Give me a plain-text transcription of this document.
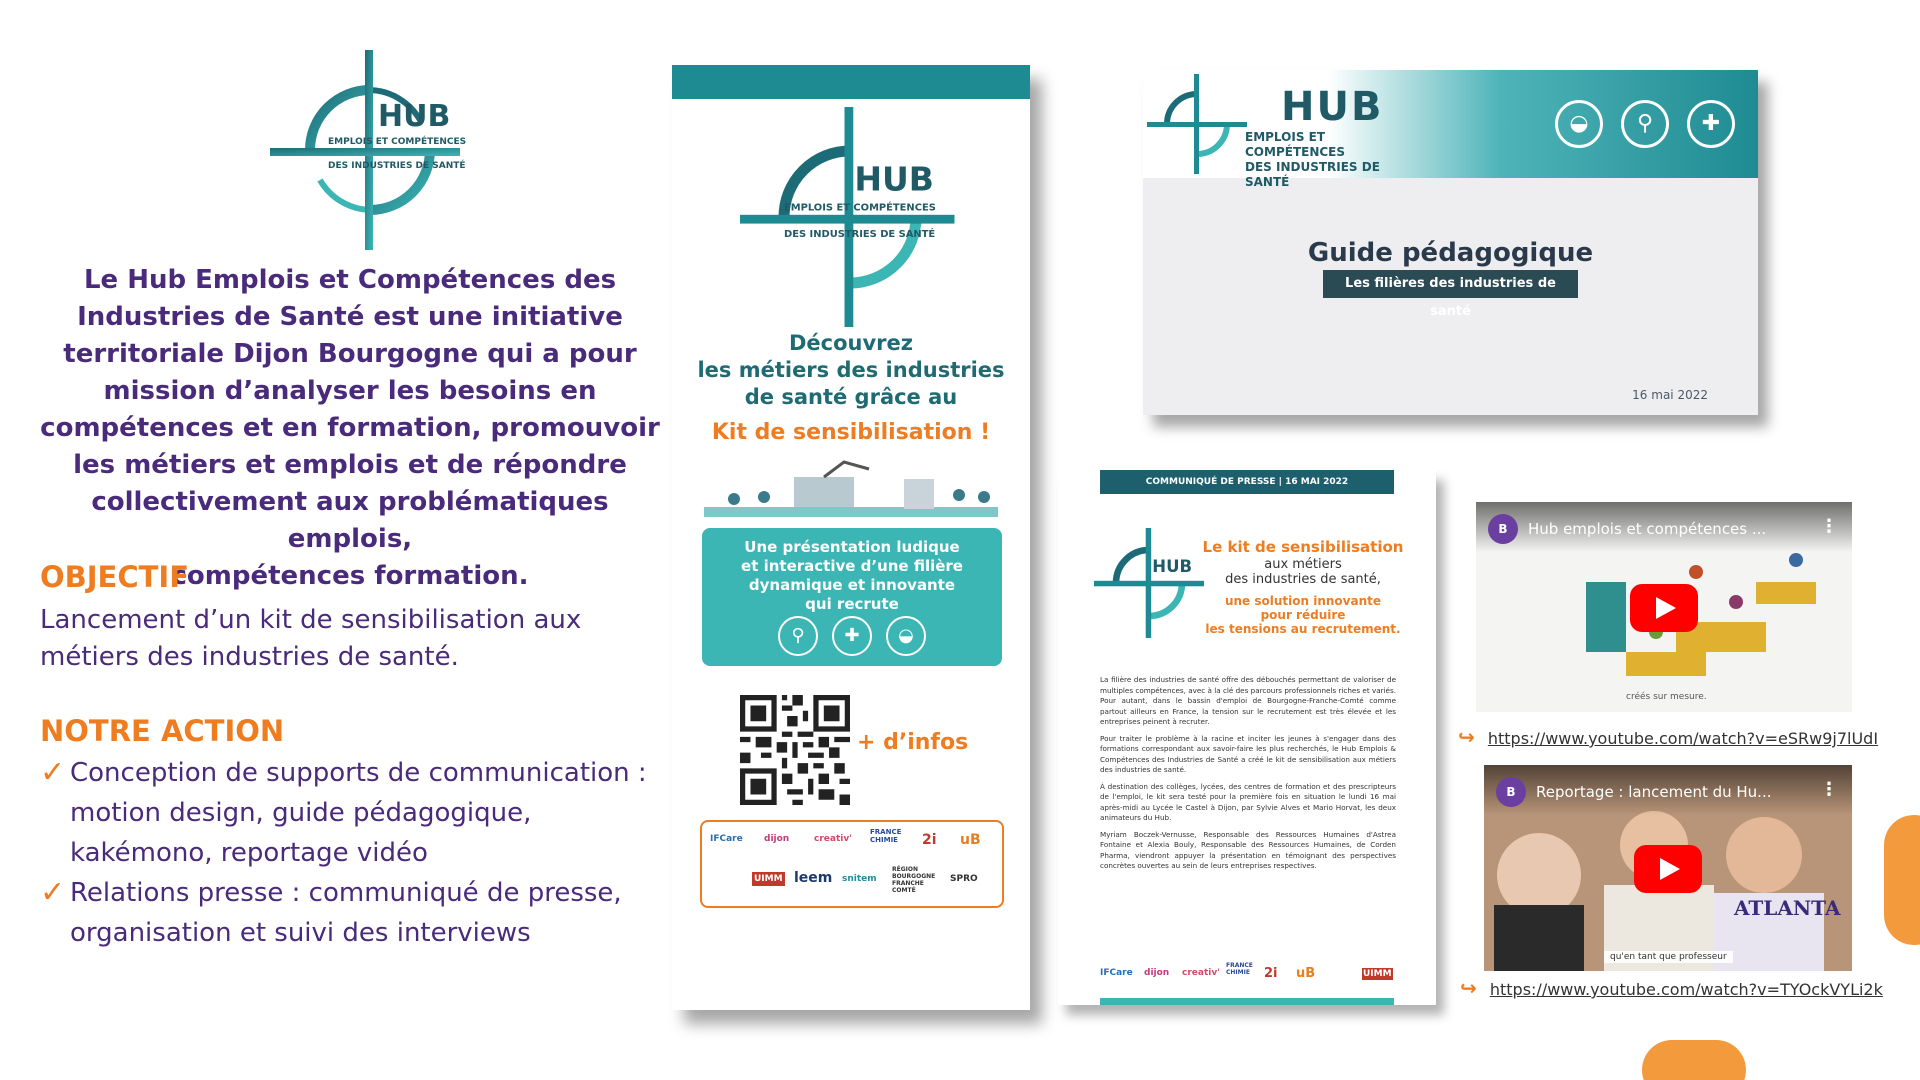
HUB
EMPLOIS ET COMPÉTENCES
DES INDUSTRIES DE SANTÉ
Le Hub Emplois et Compétences des
Industries de Santé est une initiative
territoriale Dijon Bourgogne qui a pour
mission d’analyser les besoins en
compétences et en formation, promouvoir
les métiers et emplois et de répondre
collectivement aux problématiques emplois,
compétences formation.
OBJECTIF
Lancement d’un kit de sensibilisation aux
métiers des industries de santé.
NOTRE ACTION
✓ Conception de supports de communication :
motion design, guide pédagogique,
kakémono, reportage vidéo
✓ Relations presse : communiqué de presse,
organisation et suivi des interviews
HUB
EMPLOIS ET COMPÉTENCES
DES INDUSTRIES DE SANTÉ
Découvrez
les métiers des industries
de santé grâce au
Kit de sensibilisation !
Une présentation ludique
et interactive d’une filière
dynamique et innovante
qui recrute
⚲	✚	◒
+ d’infos
IFCare dijon	creativ'
FRANCE CHIMIE	2i uB
UIMM leem snitem
RÉGION BOURGOGNE FRANCHE COMTÉ
SPRO
HUB
EMPLOIS ET COMPÉTENCES
DES INDUSTRIES DE SANTÉ
◒	⚲	✚
Guide pédagogique
Les filières des industries de santé
16 mai 2022
COMMUNIQUÉ DE PRESSE | 16 MAI 2022
HUB
Le kit de sensibilisation
aux métiers
des industries de santé,
une solution innovante
pour réduire
les tensions au recrutement.

La filière des industries de santé offre des débouchés permettant de valoriser de multiples compétences, avec à la clé des parcours professionnels riches et variés. Pour autant, dans le bassin d'emploi de Bourgogne-Franche-Comté comme partout ailleurs en France, la tension sur le recrutement est très élevée et les entreprises peinent à recruter.

Pour traiter le problème à la racine et inciter les jeunes à s'engager dans des formations correspondant aux savoir-faire les plus recherchés, le Hub Emplois & Compétences des Industries de Santé a créé le kit de sensibilisation aux métiers des industries de santé.

À destination des collèges, lycées, des centres de formation et des prescripteurs de l'emploi, le kit sera testé pour la première fois en situation le lundi 16 mai après-midi au Lycée le Castel à Dijon, par Sylvie Alves et Mario Horvat, les deux animateurs du Hub.

Myriam Boczek-Vernusse, Responsable des Ressources Humaines d'Astrea Fontaine et Alexia Bouly, Responsable des Ressources Humaines, de Corden Pharma, viendront appuyer la présentation en témoignant des perspectives concrètes ouvertes au sein de leurs entreprises respectives.

IFCare dijon creativ'
FRANCE CHIMIE	2i uB	UIMM
B	Hub emplois et compétences ...	⋮
créés sur mesure.
↪ https://www.youtube.com/watch?v=eSRw9j7lUdI
ATLANTA
B	Reportage : lancement du Hu...	⋮
qu'en tant que professeur
↪ https://www.youtube.com/watch?v=TYOckVYLi2k
